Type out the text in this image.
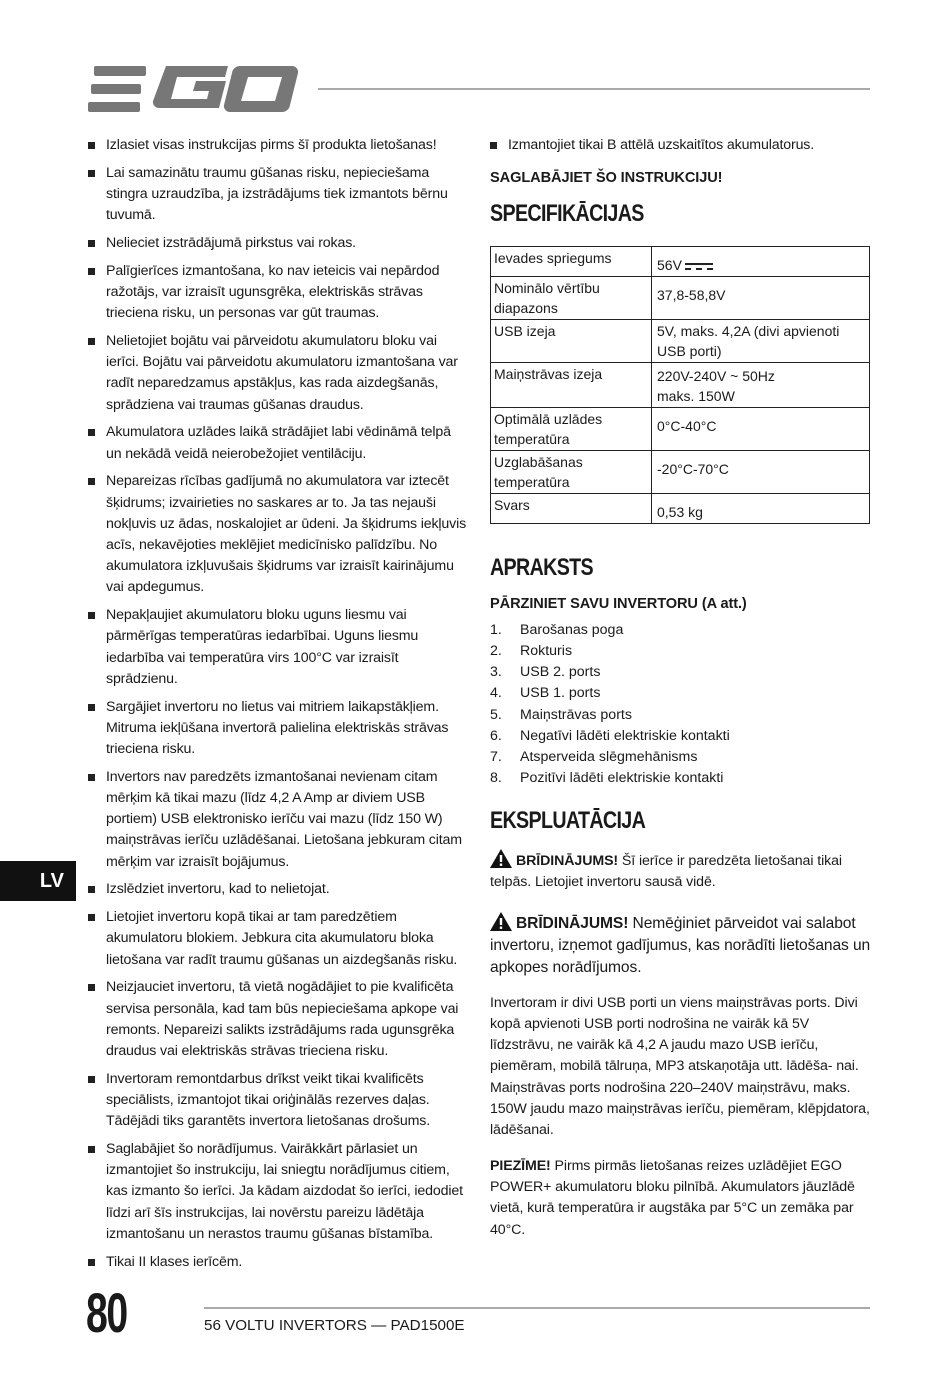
Izlasiet visas instrukcijas pirms šī produkta lietošanas!
Lai samazinātu traumu gūšanas risku, nepieciešama stingra uzraudzība, ja izstrādājums tiek izmantots bērnu tuvumā.
Nelieciet izstrādājumā pirkstus vai rokas.
Palīgierīces izmantošana, ko nav ieteicis vai nepārdod ražotājs, var izraisīt ugunsgrēka, elektriskās strāvas trieciena risku, un personas var gūt traumas.
Nelietojiet bojātu vai pārveidotu akumulatoru bloku vai ierīci. Bojātu vai pārveidotu akumulatoru izmantošana var radīt neparedzamus apstākļus, kas rada aizdegšanās, sprādziena vai traumas gūšanas draudus.
Akumulatora uzlādes laikā strādājiet labi vēdināmā telpā un nekādā veidā neierobežojiet ventilāciju.
Nepareizas rīcības gadījumā no akumulatora var iztecēt šķidrums; izvairieties no saskares ar to. Ja tas nejauši nokļuvis uz ādas, noskalojiet ar ūdeni. Ja šķidrums iekļuvis acīs, nekavējoties meklējiet medicīnisko palīdzību. No akumulatora izkļuvušais šķidrums var izraisīt kairinājumu vai apdegumus.
Nepakļaujiet akumulatoru bloku uguns liesmu vai pārmērīgas temperatūras iedarbībai. Uguns liesmu iedarbība vai temperatūra virs 100°C var izraisīt sprādzienu.
Sargājiet invertoru no lietus vai mitriem laikapstākļiem. Mitruma iekļūšana invertorā palielina elektriskās strāvas trieciena risku.
Invertors nav paredzēts izmantošanai nevienam citam mērķim kā tikai mazu (līdz 4,2 A Amp ar diviem USB portiem) USB elektronisko ierīču vai mazu (līdz 150 W) maiņstrāvas ierīču uzlādēšanai. Lietošana jebkuram citam mērķim var izraisīt bojājumus.
Izslēdziet invertoru, kad to nelietojat.
Lietojiet invertoru kopā tikai ar tam paredzētiem akumulatoru blokiem. Jebkura cita akumulatoru bloka lietošana var radīt traumu gūšanas un aizdegšanās risku.
Neizjauciet invertoru, tā vietā nogādājiet to pie kvalificēta servisa personāla, kad tam būs nepieciešama apkope vai remonts. Nepareizi salikts izstrādājums rada ugunsgrēka draudus vai elektriskās strāvas trieciena risku.
Invertoram remontdarbus drīkst veikt tikai kvalificēts speciālists, izmantojot tikai oriģinālās rezerves daļas. Tādējādi tiks garantēts invertora lietošanas drošums.
Saglabājiet šo norādījumus. Vairākkārt pārlasiet un izmantojiet šo instrukciju, lai sniegtu norādījumus citiem, kas izmanto šo ierīci. Ja kādam aizdodat šo ierīci, iedodiet līdzi arī šīs instrukcijas, lai novērstu pareizu lādētāja izmantošanu un nerastos traumu gūšanas bīstamība.
Tikai II klases ierīcēm.
Izmantojiet tikai B attēlā uzskaitītos akumulatorus.

SAGLABĀJIET ŠO INSTRUKCIJU!

SPECIFIKĀCIJAS
Ievades spriegums	56V
Nominālo vērtību diapazons	37,8-58,8V
USB izeja	5V, maks. 4,2A (divi apvienoti USB porti)
Maiņstrāvas izeja	220V-240V ~ 50Hz maks. 150W
Optimālā uzlādes temperatūra	0°C-40°C
Uzglabāšanas temperatūra	-20°C-70°C
Svars	0,53 kg
APRAKSTS

PĀRZINIET SAVU INVERTORU (A att.)

1.	Barošanas poga
2.	Rokturis
3.	USB 2. ports
4.	USB 1. ports
5.	Maiņstrāvas ports
6.	Negatīvi lādēti elektriskie kontakti
7.	Atsperveida slēgmehānisms
8.	Pozitīvi lādēti elektriskie kontakti
EKSPLUATĀCIJA

BRĪDINĀJUMS! Šī ierīce ir paredzēta lietošanai tikai telpās. Lietojiet invertoru sausā vidē.

BRĪDINĀJUMS! Nemēģiniet pārveidot vai salabot invertoru, izņemot gadījumus, kas norādīti lietošanas un apkopes norādījumos.

Invertoram ir divi USB porti un viens maiņstrāvas ports. Divi kopā apvienoti USB porti nodrošina ne vairāk kā 5V līdzstrāvu, ne vairāk kā 4,2 A jaudu mazo USB ierīču, piemēram, mobilā tālruņa, MP3 atskaņotāja utt. lādēša- nai. Maiņstrāvas ports nodrošina 220–240V maiņstrāvu, maks. 150W jaudu mazo maiņstrāvas ierīču, piemēram, klēpjdatora, lādēšanai.

PIEZĪME! Pirms pirmās lietošanas reizes uzlādējiet EGO POWER+ akumulatoru bloku pilnībā. Akumulators jāuzlādē vietā, kurā temperatūra ir augstāka par 5°C un zemāka par 40°C.

LV
80	56 VOLTU INVERTORS — PAD1500E
